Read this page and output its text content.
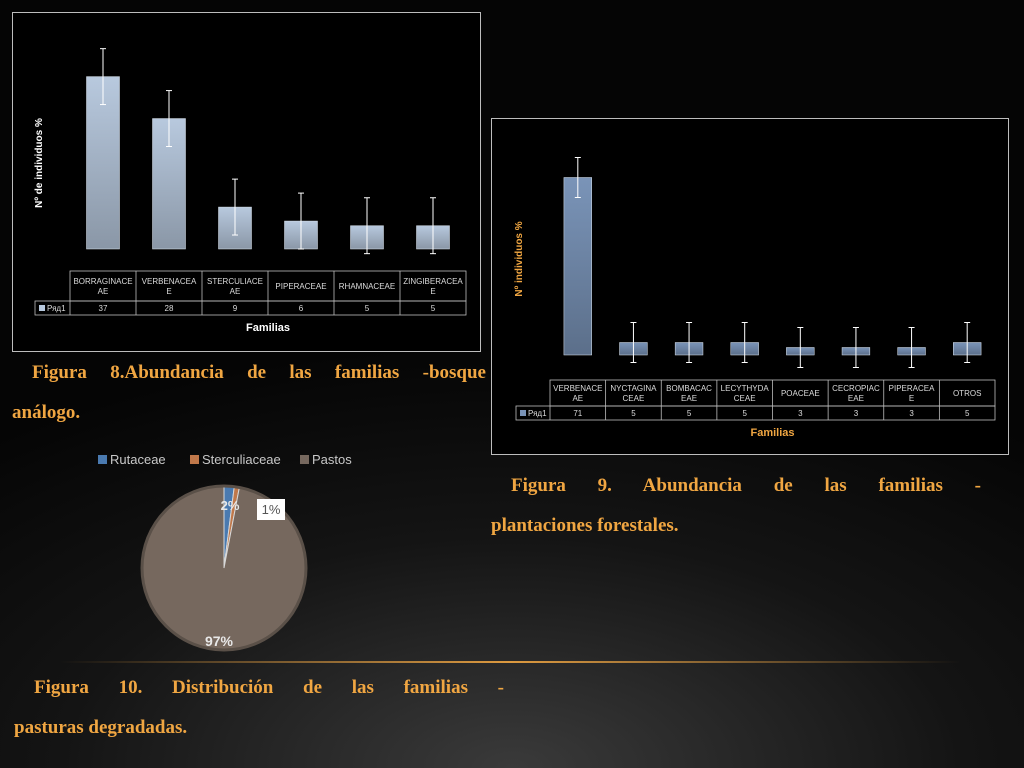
BORRAGINACE AE
37
VERBENACEA E
28
STERCULIACE AE
9
PIPERACEAE
6
RHAMNACEAE
5
ZINGIBERACEA E
5
Ряд1
Familias
Nº de individuos %
VERBENACE AE
71
NYCTAGINA CEAE
5
BOMBACAC EAE
5
LECYTHYDA CEAE
5
POACEAE
3
CECROPIAC EAE
3
PIPERACEA E
3
OTROS
5
Ряд1
Familias
Nº individuos %
Figura 8.Abundancia de las familias -bosque
análogo.
Figura 9. Abundancia de las familias -
plantaciones forestales.
Rutaceae	Sterculiaceae Pastos
2% 1%
97%
Figura 10. Distribución de las familias -
pasturas degradadas.
